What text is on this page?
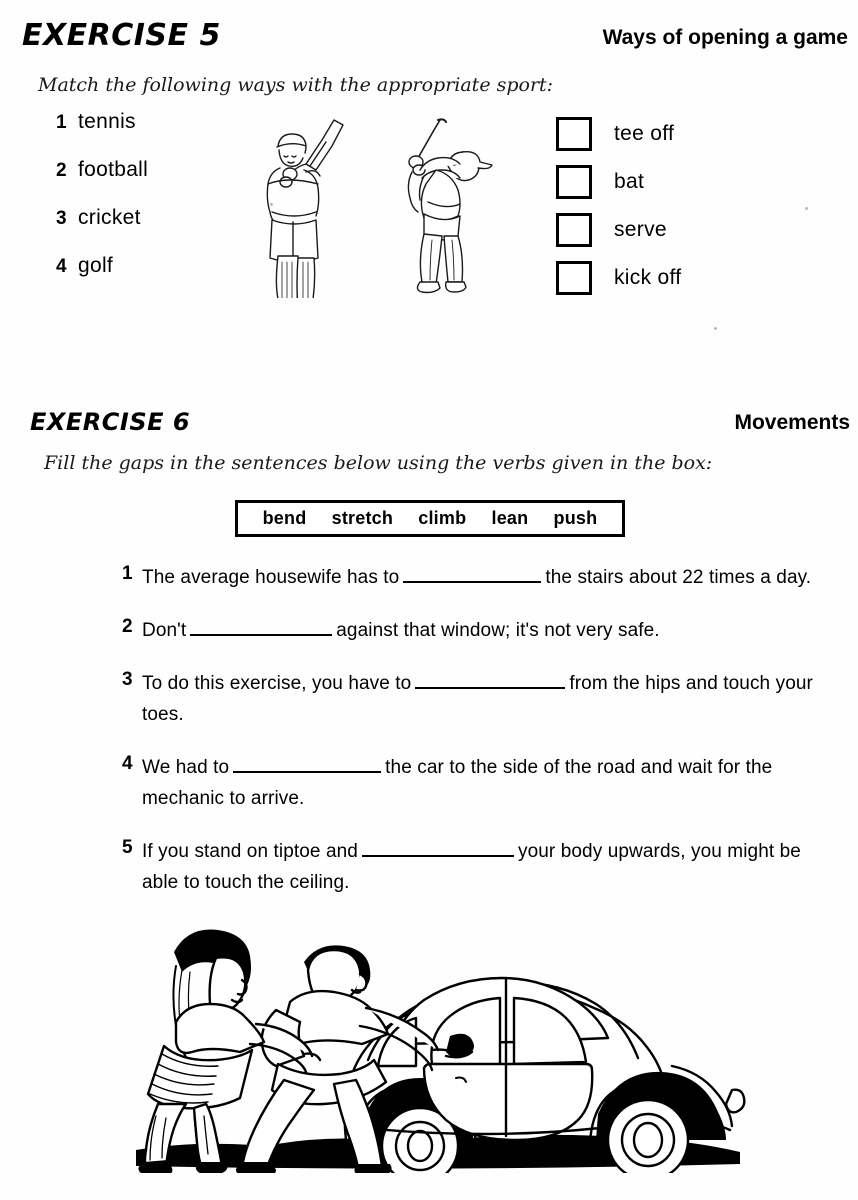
EXERCISE 5	Ways of opening a game
Match the following ways with the appropriate sport:
1 tennis
2 football
3 cricket
4 golf
tee off
bat
serve
kick off
EXERCISE 6	Movements
Fill the gaps in the sentences below using the verbs given in the box:
bend stretch climb lean push
1 The average housewife has to	the stairs about 22 times a day.
2 Don't	against that window; it's not very safe.
3 To do this exercise, you have to	from the hips and touch your toes.
4 We had to	the car to the side of the road and wait for the mechanic to arrive.
5 If you stand on tiptoe and	your body upwards, you might be able to touch the ceiling.
